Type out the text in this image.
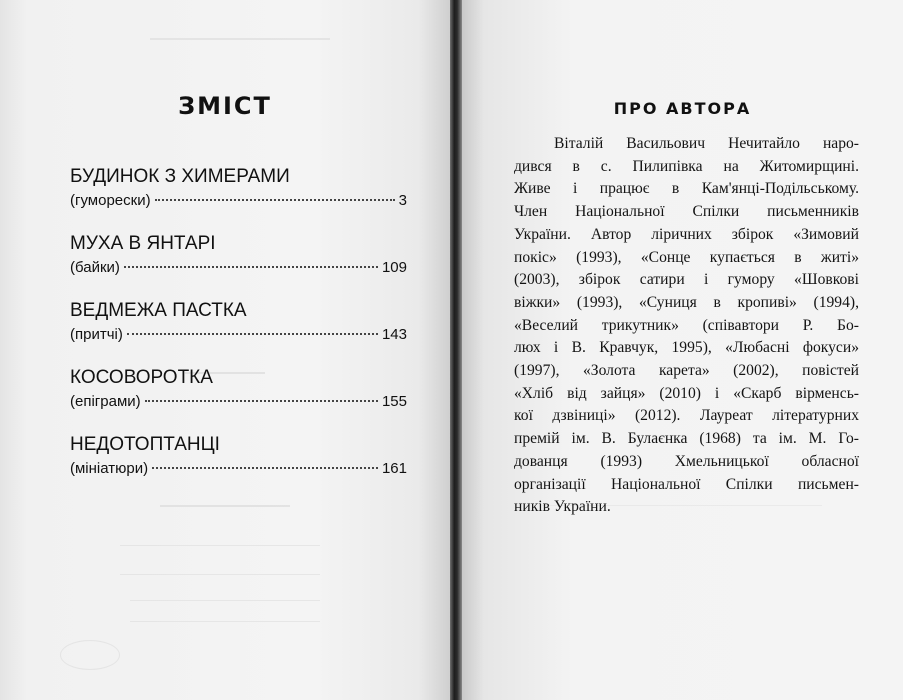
ЗМІСТ
БУДИНОК З ХИМЕРАМИ
(гуморески)	3
МУХА В ЯНТАРІ
(байки)	109
ВЕДМЕЖА ПАСТКА
(притчі)	143
КОСОВОРОТКА
(епіграми)	155
НЕДОТОПТАНЦІ
(мініатюри)	161
ПРО АВТОРА
Віталій Васильович Нечитайло наро-
дився в с. Пилипівка на Житомирщині.
Живе і працює в Кам'янці-Подільському.
Член Національної Спілки письменників
України. Автор ліричних збірок «Зимовий
покіс» (1993), «Сонце купається в житі»
(2003), збірок сатири і гумору «Шовкові
віжки» (1993), «Суниця в кропиві» (1994),
«Веселий трикутник» (співавтори Р. Бо-
люх і В. Кравчук, 1995), «Любасні фокуси»
(1997), «Золота карета» (2002), повістей
«Хліб від зайця» (2010) і «Скарб вірменсь-
кої дзвіниці» (2012). Лауреат літературних
премій ім. В. Булаєнка (1968) та ім. М. Го-
дованця (1993) Хмельницької обласної
організації Національної Спілки письмен-
ників України.
